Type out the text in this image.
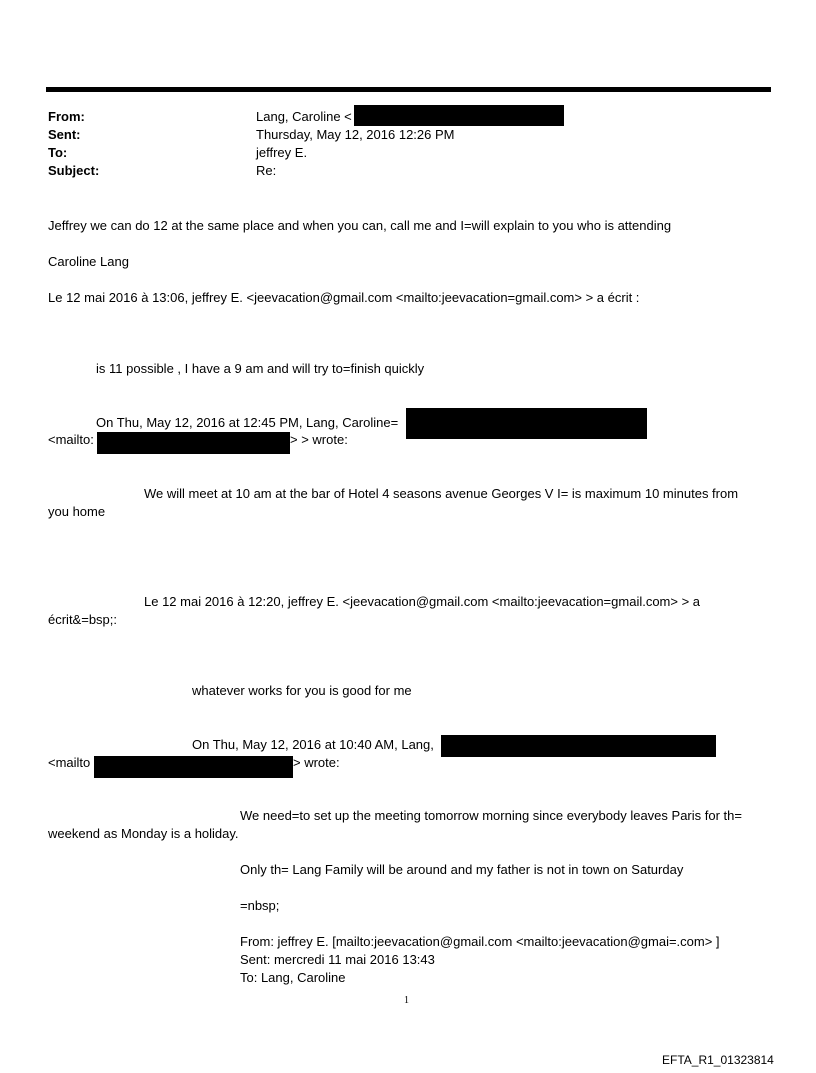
From:	Lang, Caroline <
Sent:	Thursday, May 12, 2016 12:26 PM
To:	jeffrey E.
Subject:	Re:
Jeffrey we can do 12 at the same place and when you can, call me and I=will explain to you who is attending
Caroline Lang
Le 12 mai 2016 à 13:06, jeffrey E. <jeevacation@gmail.com <mailto:jeevacation=gmail.com> > a écrit :
is 11 possible , I have a 9 am and will try to=finish quickly
On Thu, May 12, 2016 at 12:45 PM, Lang, Caroline=
<mailto:	> > wrote:
We will meet at 10 am at the bar of Hotel 4 seasons avenue Georges V I= is maximum 10 minutes from
you home
Le 12 mai 2016 à 12:20, jeffrey E. <jeevacation@gmail.com <mailto:jeevacation=gmail.com> > a
écrit&=bsp;:
whatever works for you is good for me
On Thu, May 12, 2016 at 10:40 AM, Lang,
<mailto	> wrote:
We need=to set up the meeting tomorrow morning since everybody leaves Paris for th=
weekend as Monday is a holiday.
Only th= Lang Family will be around and my father is not in town on Saturday
=nbsp;
From: jeffrey E. [mailto:jeevacation@gmail.com <mailto:jeevacation@gmai=.com> ]
Sent: mercredi 11 mai 2016 13:43
To: Lang, Caroline
1
EFTA_R1_01323814
